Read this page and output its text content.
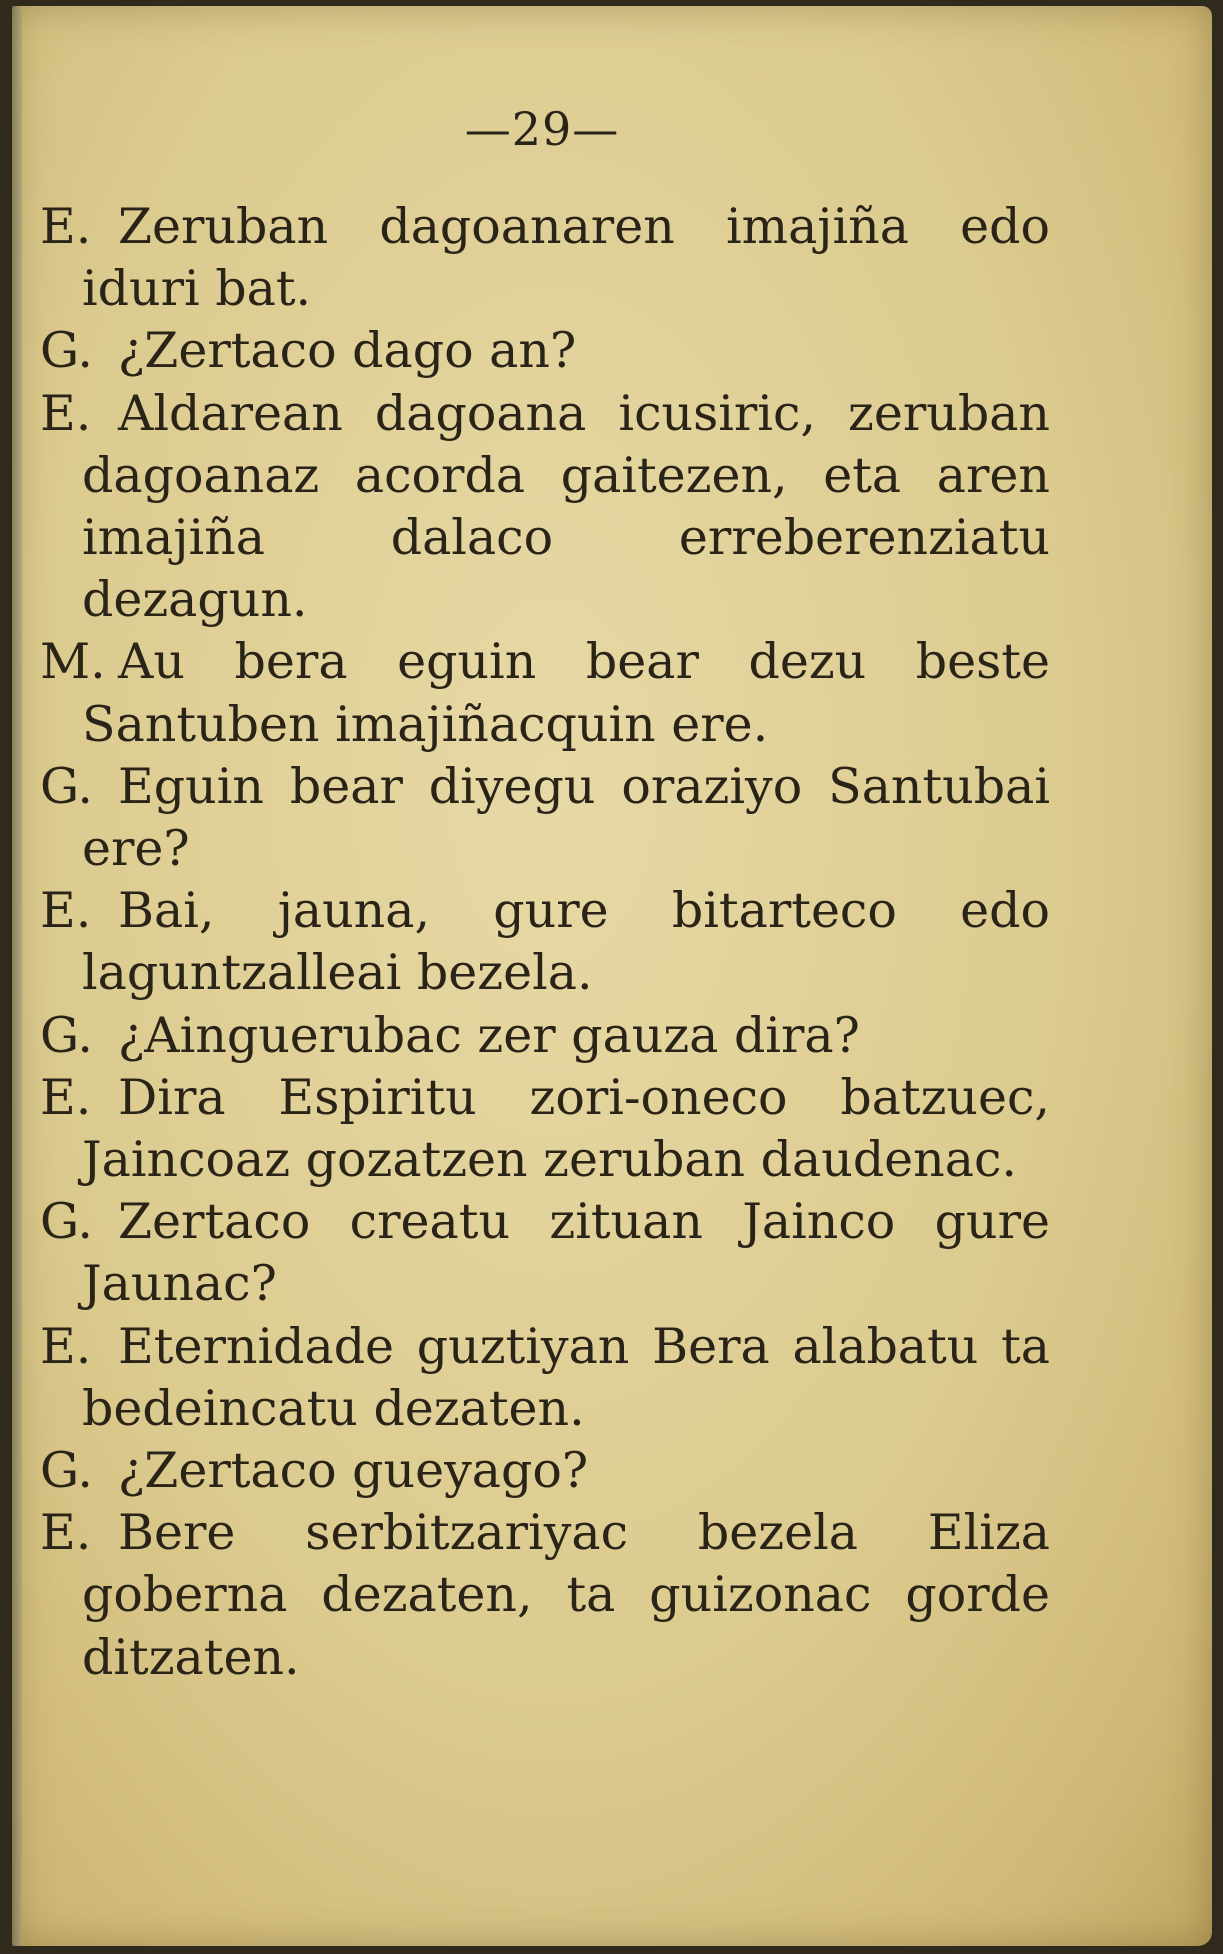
—29—

E. Zeruban dagoanaren imajiña edo iduri bat.

G. ¿Zertaco dago an?

E. Aldarean dagoana icusiric, zeruban dagoanaz acorda gaitezen, eta aren imajiña dalaco erreberenziatu dezagun.

M. Au bera eguin bear dezu beste Santuben imajiñacquin ere.

G. Eguin bear diyegu oraziyo Santubai ere?

E. Bai, jauna, gure bitarteco edo laguntzalleai bezela.

G. ¿Ainguerubac zer gauza dira?

E. Dira Espiritu zori-oneco batzuec, Jaincoaz gozatzen zeruban daudenac.

G. Zertaco creatu zituan Jainco gure Jaunac?

E. Eternidade guztiyan Bera alabatu ta bedeincatu dezaten.

G. ¿Zertaco gueyago?

E. Bere serbitzariyac bezela Eliza goberna dezaten, ta guizonac gorde ditzaten.
